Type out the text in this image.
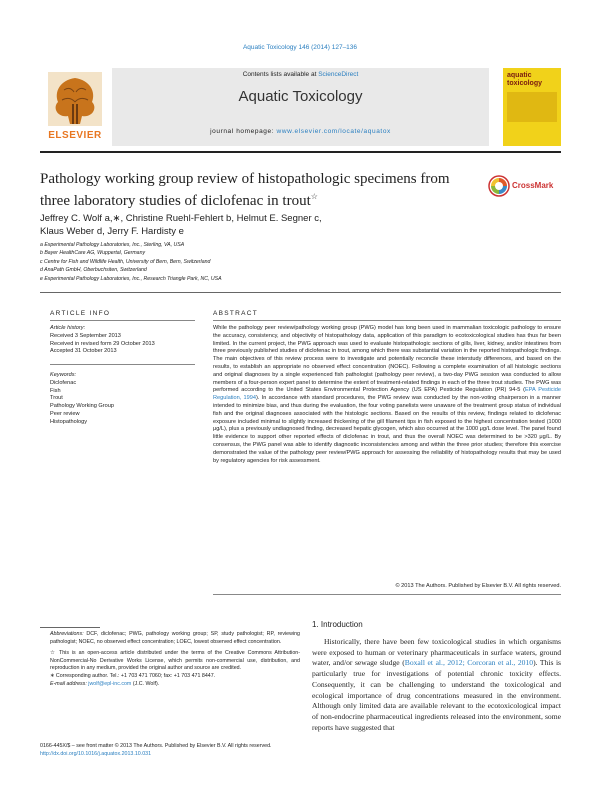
Aquatic Toxicology 146 (2014) 127–136
Contents lists available at ScienceDirect
Aquatic Toxicology
journal homepage: www.elsevier.com/locate/aquatox
ELSEVIER
aquatic
toxicology
Pathology working group review of histopathologic specimens from three laboratory studies of diclofenac in trout☆
CrossMark
Jeffrey C. Wolf a,∗, Christine Ruehl-Fehlert b, Helmut E. Segner c,
Klaus Weber d, Jerry F. Hardisty e
a Experimental Pathology Laboratories, Inc., Sterling, VA, USA
b Bayer HealthCare AG, Wuppertal, Germany
c Centre for Fish and Wildlife Health, University of Bern, Bern, Switzerland
d AnaPath GmbH, Oberbuchsiten, Switzerland
e Experimental Pathology Laboratories, Inc., Research Triangle Park, NC, USA
ARTICLE INFO	ABSTRACT
Article history:
Received 3 September 2013
Received in revised form 29 October 2013
Accepted 31 October 2013
Keywords:
Diclofenac
Fish
Trout
Pathology Working Group
Peer review
Histopathology
While the pathology peer review/pathology working group (PWG) model has long been used in mammalian toxicologic pathology to ensure the accuracy, consistency, and objectivity of histopathology data, application of this paradigm to ecotoxicological studies has thus far been limited. In the current project, the PWG approach was used to evaluate histopathologic sections of gills, liver, kidney, and/or intestines from three previously published studies of diclofenac in trout, among which there was substantial variation in the reported histopathologic findings. The main objectives of this review process were to investigate and potentially reconcile these interstudy differences, and based on the results, to establish an appropriate no observed effect concentration (NOEC). Following a complete examination of all histologic sections and original diagnoses by a single experienced fish pathologist (pathology peer review), a two-day PWG session was conducted to allow members of a four-person expert panel to determine the extent of treatment-related findings in each of the three trout studies. The PWG was performed according to the United States Environmental Protection Agency (US EPA) Pesticide Regulation (PR) 94-5 (EPA Pesticide Regulation, 1994). In accordance with standard procedures, the PWG review was conducted by the non-voting chairperson in a manner intended to minimize bias, and thus during the evaluation, the four voting panelists were unaware of the treatment group status of individual fish and the original diagnoses associated with the histologic sections. Based on the results of this review, findings related to diclofenac exposure included minimal to slightly increased thickening of the gill filament tips in fish exposed to the highest concentration tested (1000 μg/L), plus a previously undiagnosed finding, decreased hepatic glycogen, which also occurred at the 1000 μg/L dose level. The panel found little evidence to support other reported effects of diclofenac in trout, and thus the overall NOEC was determined to be >320 μg/L. By consensus, the PWG panel was able to identify diagnostic inconsistencies among and within the three prior studies; therefore this exercise demonstrated the value of the pathology peer review/PWG approach for assessing the reliability of histopathology results that may be used by regulatory agencies for risk assessment.
© 2013 The Authors. Published by Elsevier B.V. All rights reserved.
1. Introduction
Historically, there have been few toxicological studies in which organisms were exposed to human or veterinary pharmaceuticals in surface waters, ground water, and/or sewage sludge (Boxall et al., 2012; Corcoran et al., 2010). This is particularly true for investigations of potential chronic toxicity effects. Consequently, it can be challenging to understand the toxicological and ecological importance of drug concentrations measured in the environment. Although only limited data are available relevant to the ecotoxicological impact of non-endocrine pharmaceutical ingredients released into the environment, some reports have suggested that

Abbreviations: DCF, diclofenac; PWG, pathology working group; SP, study pathologist; RP, reviewing pathologist; NOEC, no observed effect concentration; LOEC, lowest observed effect concentration.

☆ This is an open-access article distributed under the terms of the Creative Commons Attribution-NonCommercial-No Derivative Works License, which permits non-commercial use, distribution, and reproduction in any medium, provided the original author and source are credited.

∗ Corresponding author. Tel.: +1 703 471 7060; fax: +1 703 471 8447.

E-mail address: jwolf@epl-inc.com (J.C. Wolf).

0166-445X/$ – see front matter © 2013 The Authors. Published by Elsevier B.V. All rights reserved.
http://dx.doi.org/10.1016/j.aquatox.2013.10.031
